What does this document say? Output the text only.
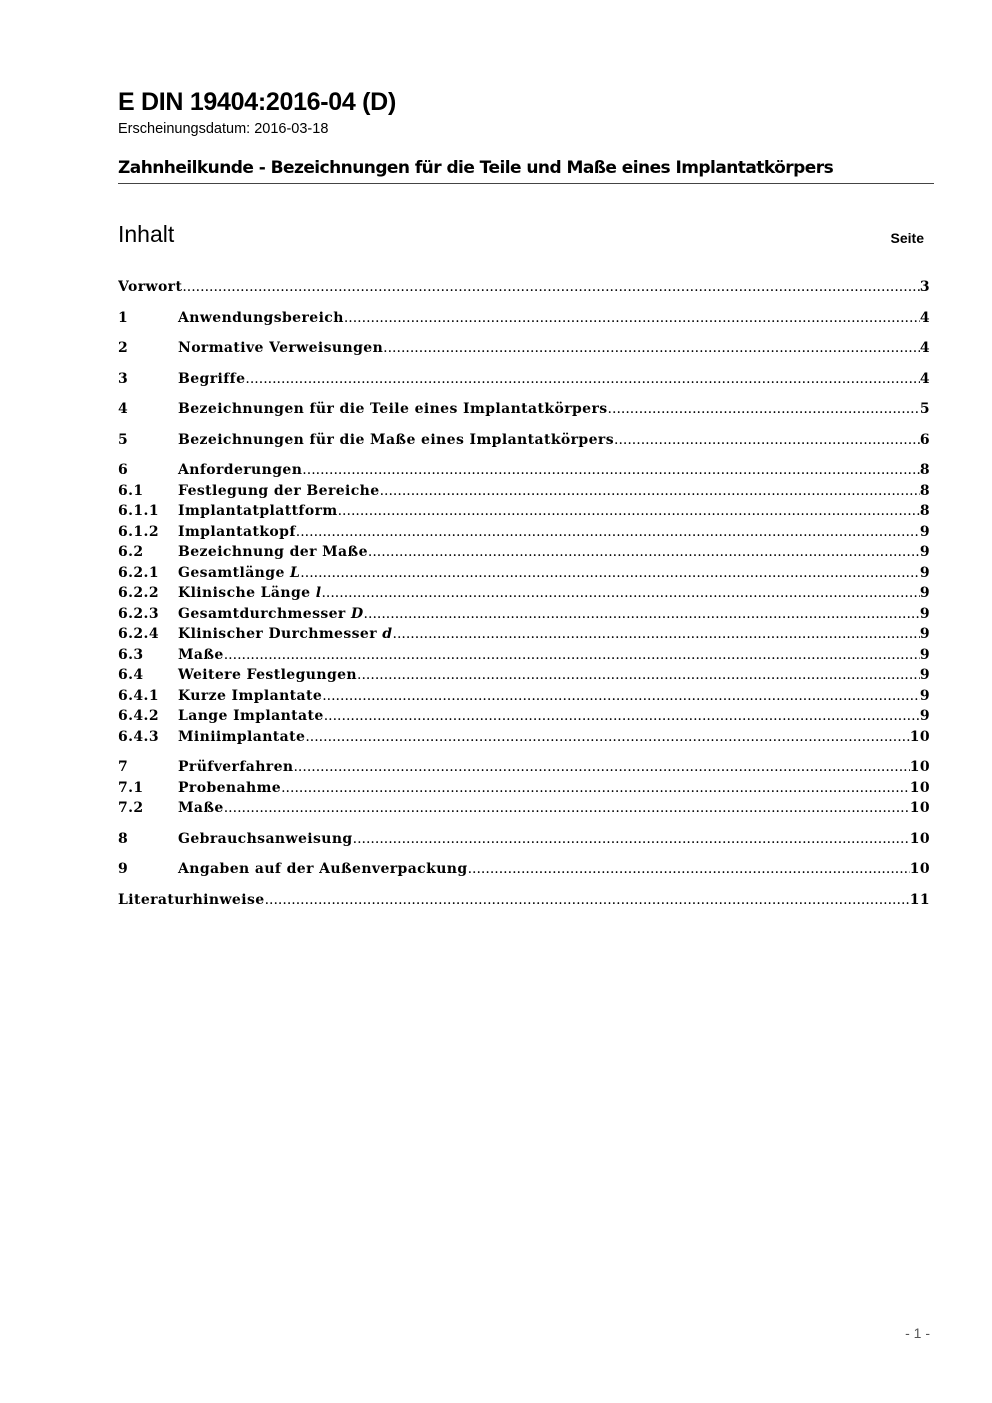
E DIN 19404:2016-04 (D)
Erscheinungsdatum: 2016-03-18
Zahnheilkunde - Bezeichnungen für die Teile und Maße eines Implantatkörpers
Inhalt	Seite
Vorwort .....	3
1	Anwendungsbereich .....	4
2	Normative Verweisungen .....	4
3	Begriffe .....	4
4	Bezeichnungen für die Teile eines Implantatkörpers .....	5
5	Bezeichnungen für die Maße eines Implantatkörpers .....	6
6	Anforderungen .....	8
6.1	Festlegung der Bereiche .....	8
6.1.1	Implantatplattform .....	8
6.1.2	Implantatkopf .....	9
6.2	Bezeichnung der Maße .....	9
6.2.1	Gesamtlänge L .....	9
6.2.2	Klinische Länge l .....	9
6.2.3	Gesamtdurchmesser D .....	9
6.2.4	Klinischer Durchmesser d .....	9
6.3	Maße .....	9
6.4	Weitere Festlegungen .....	9
6.4.1	Kurze Implantate .....	9
6.4.2	Lange Implantate .....	9
6.4.3	Miniimplantate .....	10
7	Prüfverfahren .....	10
7.1	Probenahme .....	10
7.2	Maße .....	10
8	Gebrauchsanweisung .....	10
9	Angaben auf der Außenverpackung .....	10
Literaturhinweise .....	11
- 1 -
